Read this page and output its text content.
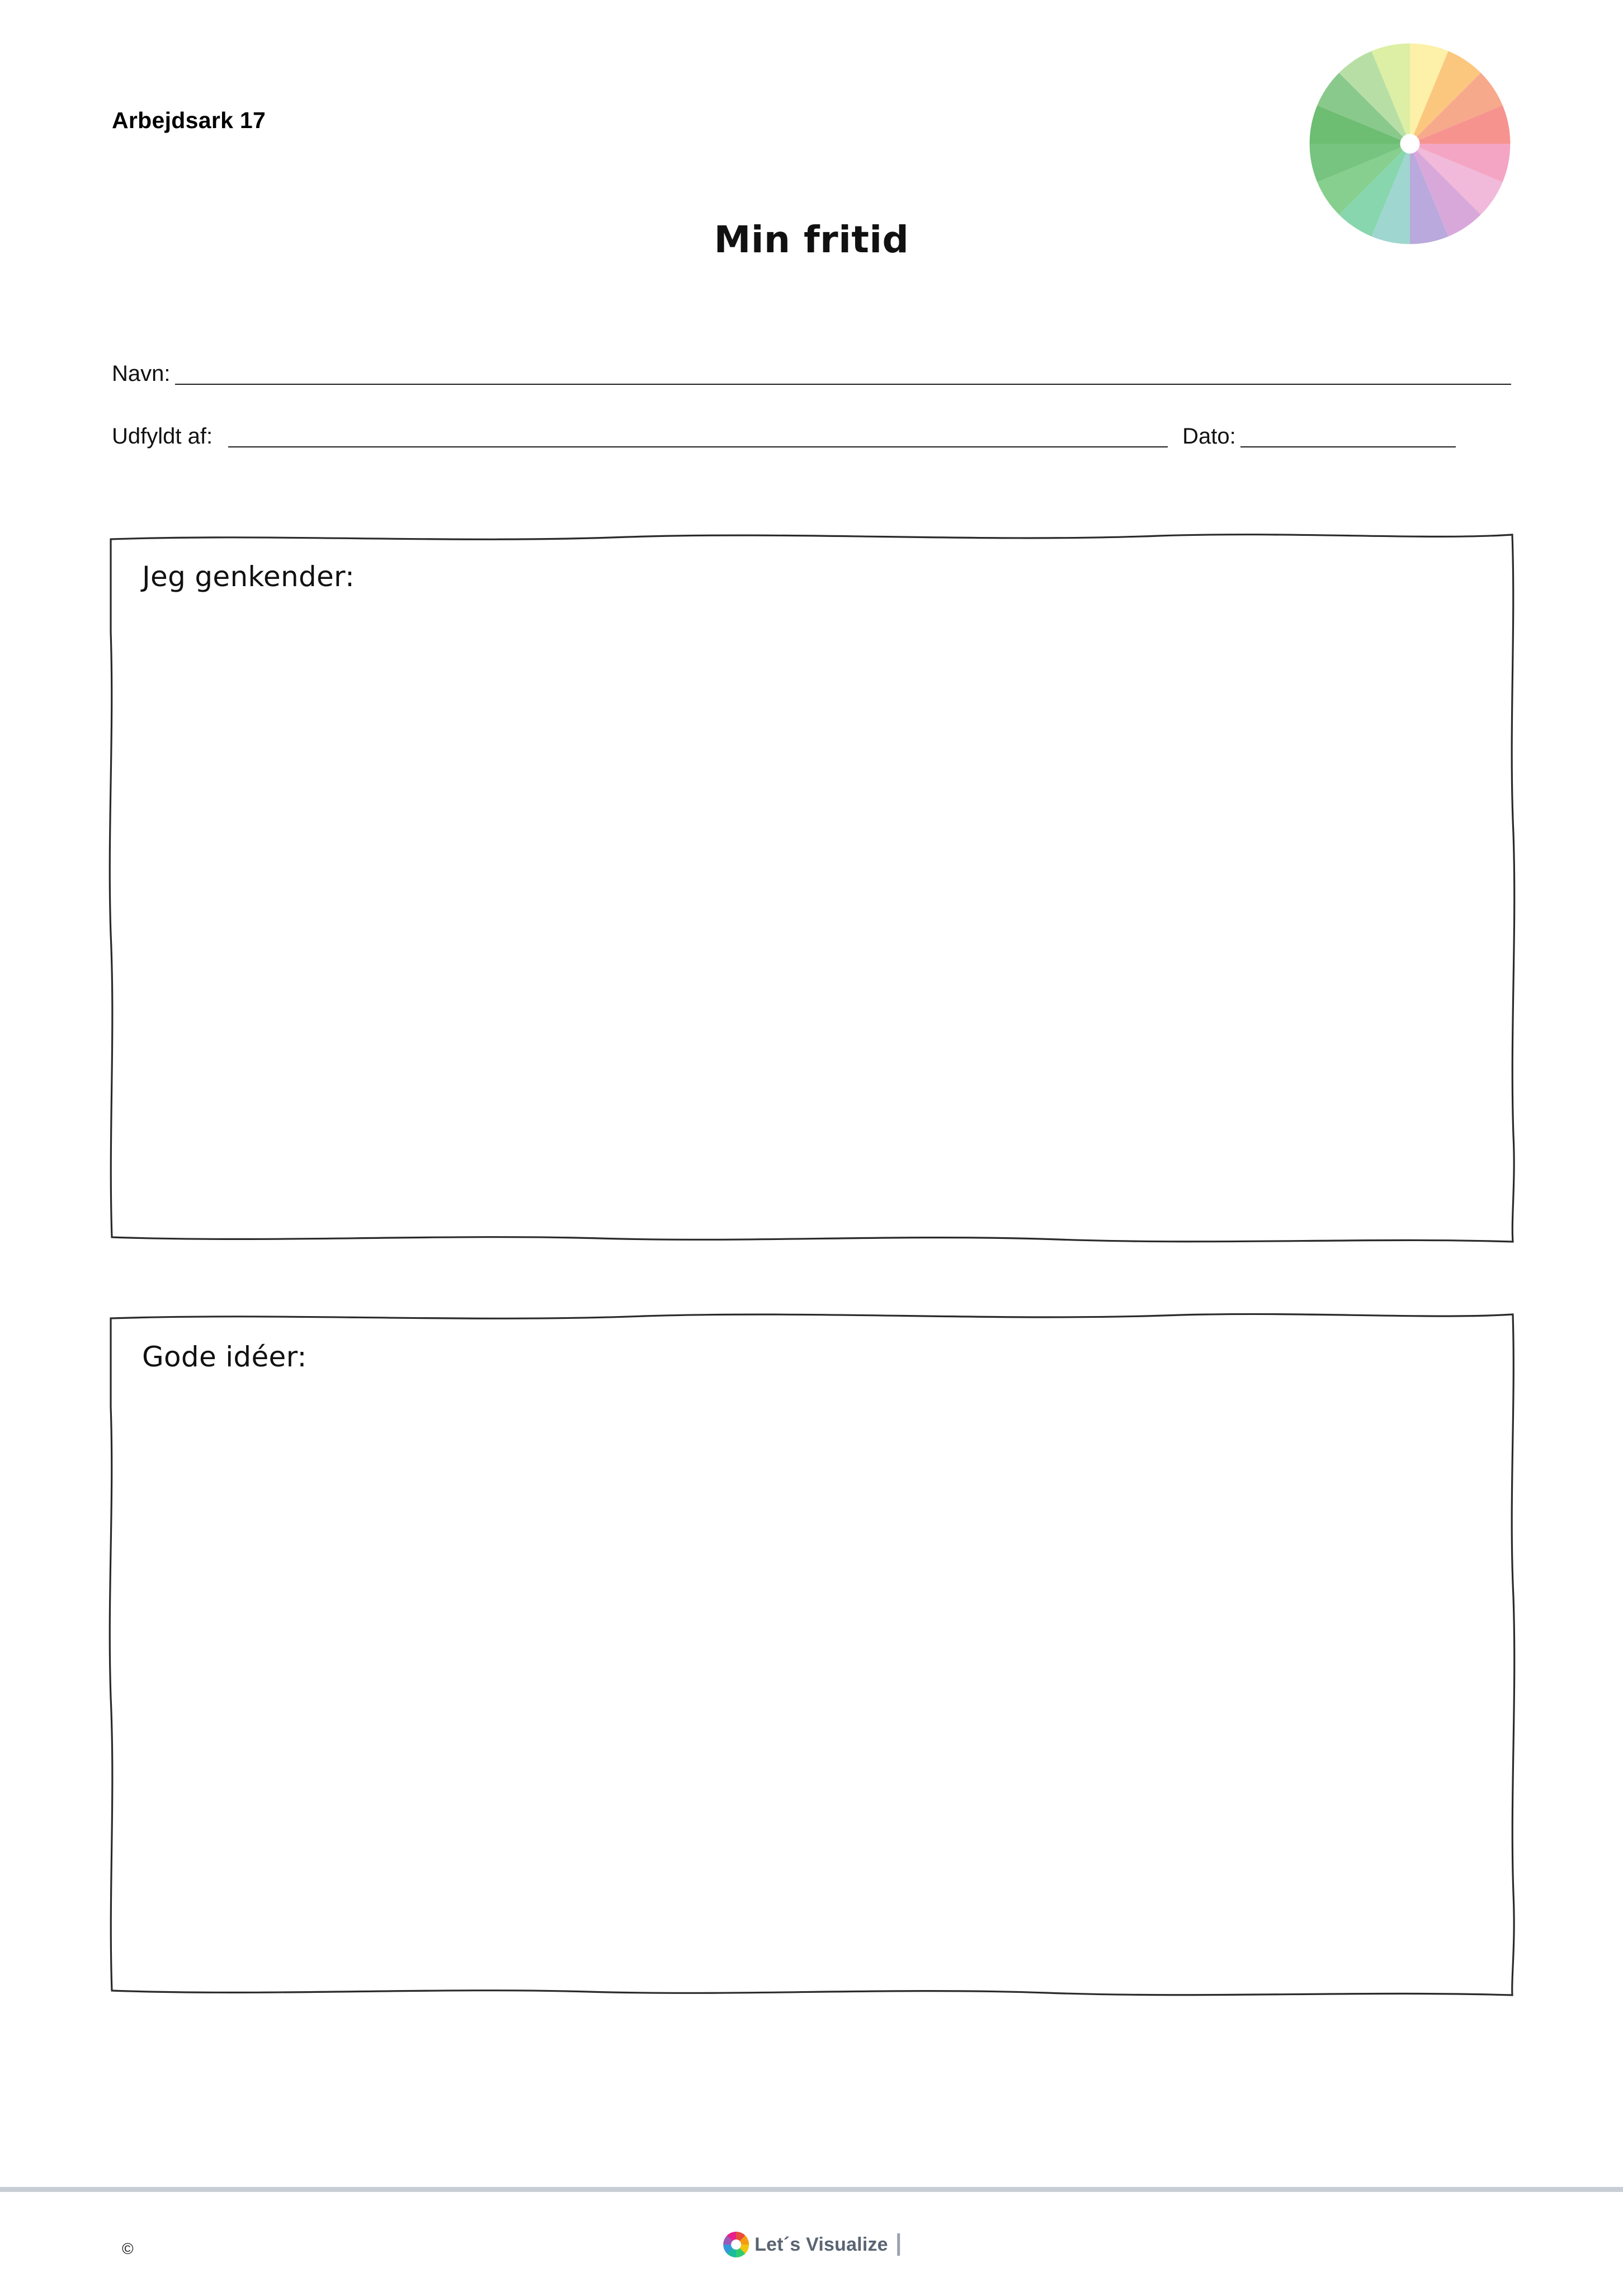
Arbejdsark 17
Min fritid
Navn:
Udfyldt af:	Dato:
Jeg genkender:
Gode idéer:
©	Let´s Visualize
